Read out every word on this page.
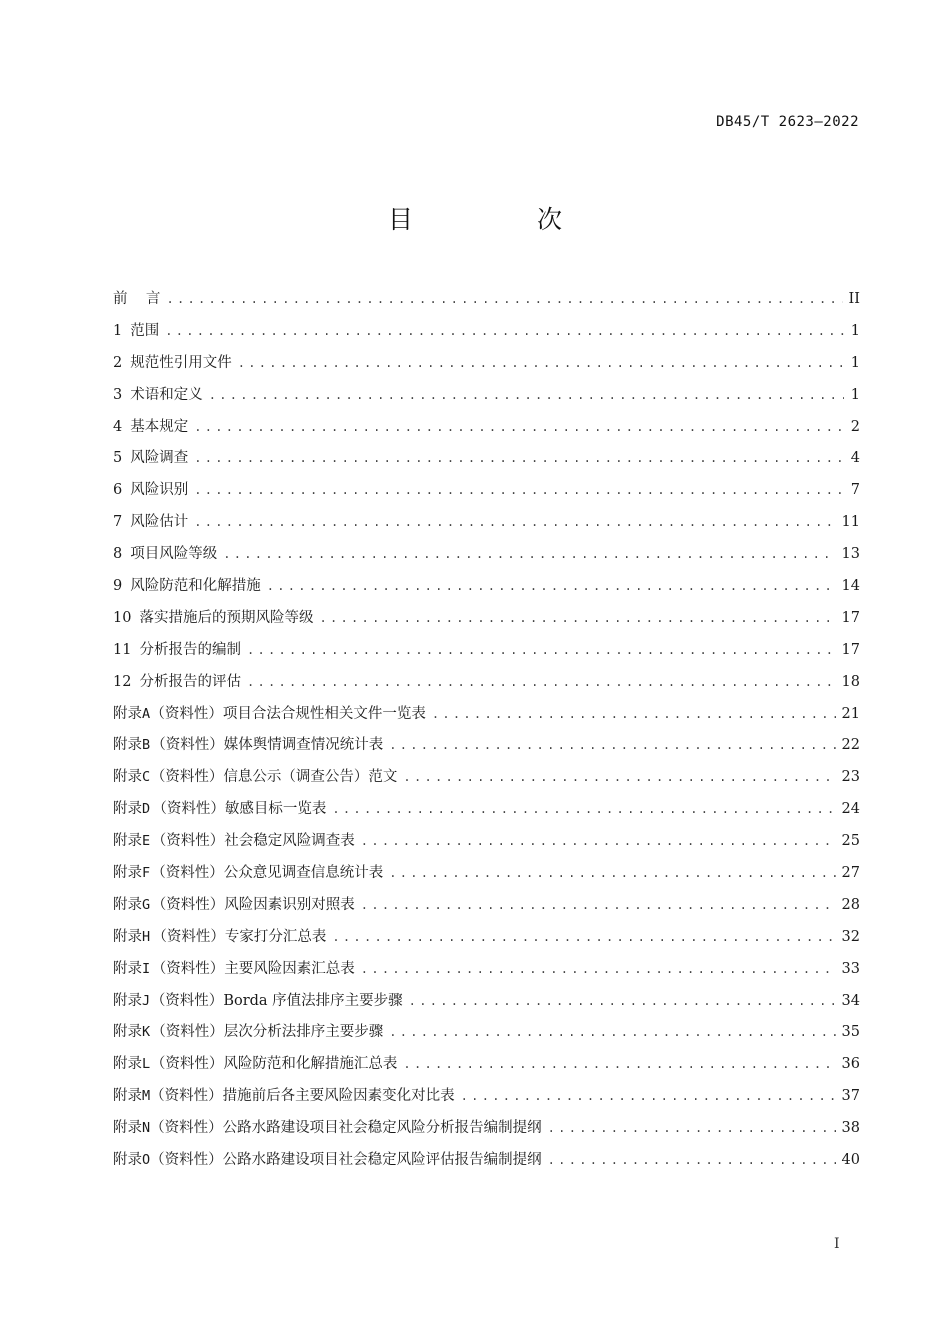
DB45/T 2623—2022
目 次
前    言 .....	II
1 范围 .....	1
2 规范性引用文件 .....	1
3 术语和定义 .....	1
4 基本规定 .....	2
5 风险调查 .....	4
6 风险识别 .....	7
7 风险估计 .....	11
8 项目风险等级 .....	13
9 风险防范和化解措施 .....	14
10 落实措施后的预期风险等级 .....	17
11 分析报告的编制 .....	17
12 分析报告的评估 .....	18
附 录 A （资料性） 项目合法合规性相关文件一览表 .....	21
附 录 B （资料性） 媒体舆情调查情况统计表 .....	22
附 录 C （资料性） 信息公示（调查公告）范文 .....	23
附 录 D （资料性） 敏感目标一览表 .....	24
附 录 E （资料性） 社会稳定风险调查表 .....	25
附 录 F （资料性） 公众意见调查信息统计表 .....	27
附 录 G （资料性） 风险因素识别对照表 .....	28
附 录 H （资料性） 专家打分汇总表 .....	32
附 录 I （资料性） 主要风险因素汇总表 .....	33
附 录 J （资料性） Borda 序值法排序主要步骤 .....	34
附 录 K （资料性） 层次分析法排序主要步骤 .....	35
附 录 L （资料性） 风险防范和化解措施汇总表 .....	36
附 录 M （资料性） 措施前后各主要风险因素变化对比表 .....	37
附 录 N （资料性） 公路水路建设项目社会稳定风险分析报告编制提纲 .....	38
附 录 O （资料性） 公路水路建设项目社会稳定风险评估报告编制提纲 .....	40
I
